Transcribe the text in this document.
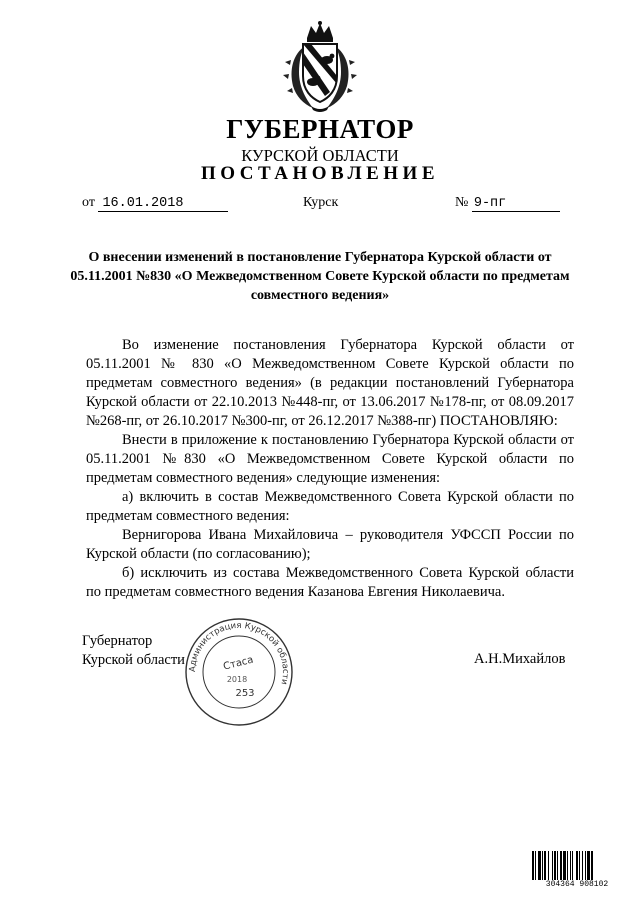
ГУБЕРНАТОР
КУРСКОЙ ОБЛАСТИ
ПОСТАНОВЛЕНИЕ
от 16.01.2018	Курск	№ 9-пг
О внесении изменений в постановление Губернатора Курской области от 05.11.2001 №830 «О Межведомственном Совете Курской области по предметам совместного ведения»

Во изменение постановления Губернатора Курской области от 05.11.2001 № 830 «О Межведомственном Совете Курской области по предметам совместного ведения» (в редакции постановлений Губернатора Курской области от 22.10.2013 №448-пг, от 13.06.2017 №178-пг, от 08.09.2017 №268-пг, от 26.10.2017 №300-пг, от 26.12.2017 №388-пг) ПОСТАНОВЛЯЮ:

Внести в приложение к постановлению Губернатора Курской области от 05.11.2001 №830 «О Межведомственном Совете Курской области по предметам совместного ведения» следующие изменения:

а) включить в состав Межведомственного Совета Курской области по предметам совместного ведения:

Вернигорова Ивана Михайловича – руководителя УФССП России по Курской области (по согласованию);

б) исключить из состава Межведомственного Совета Курской области по предметам совместного ведения Казанова Евгения Николаевича.

Губернатор
Курской области	А.Н.Михайлов
Администрация Курской области
Стаса
2018
253
304364 908102
